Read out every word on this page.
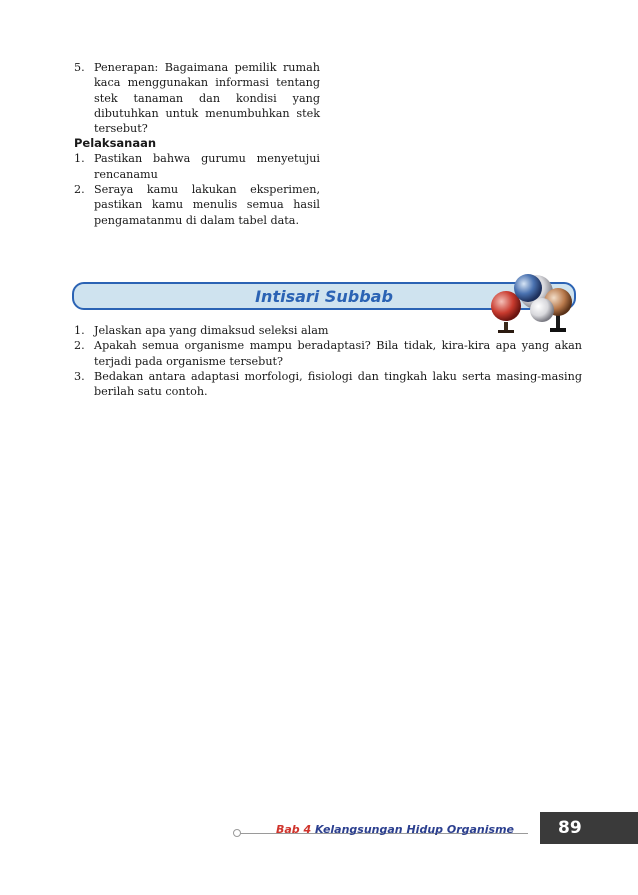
5. Penerapan: Bagaimana pemilik rumah kaca menggunakan informasi tentang stek tanaman dan kondisi yang dibutuhkan untuk menumbuhkan stek tersebut?
Pelaksanaan
1. Pastikan bahwa gurumu menyetujui rencanamu
2. Seraya kamu lakukan eksperimen, pastikan kamu menulis semua hasil pengamatanmu di dalam tabel data.
Intisari Subbab
1. Jelaskan apa yang dimaksud seleksi alam
2. Apakah semua organisme mampu beradaptasi? Bila tidak, kira-kira apa yang akan terjadi pada organisme tersebut?
3. Bedakan antara adaptasi morfologi, fisiologi dan tingkah laku serta masing-masing berilah satu contoh.
Bab 4 Kelangsungan Hidup Organisme	89
